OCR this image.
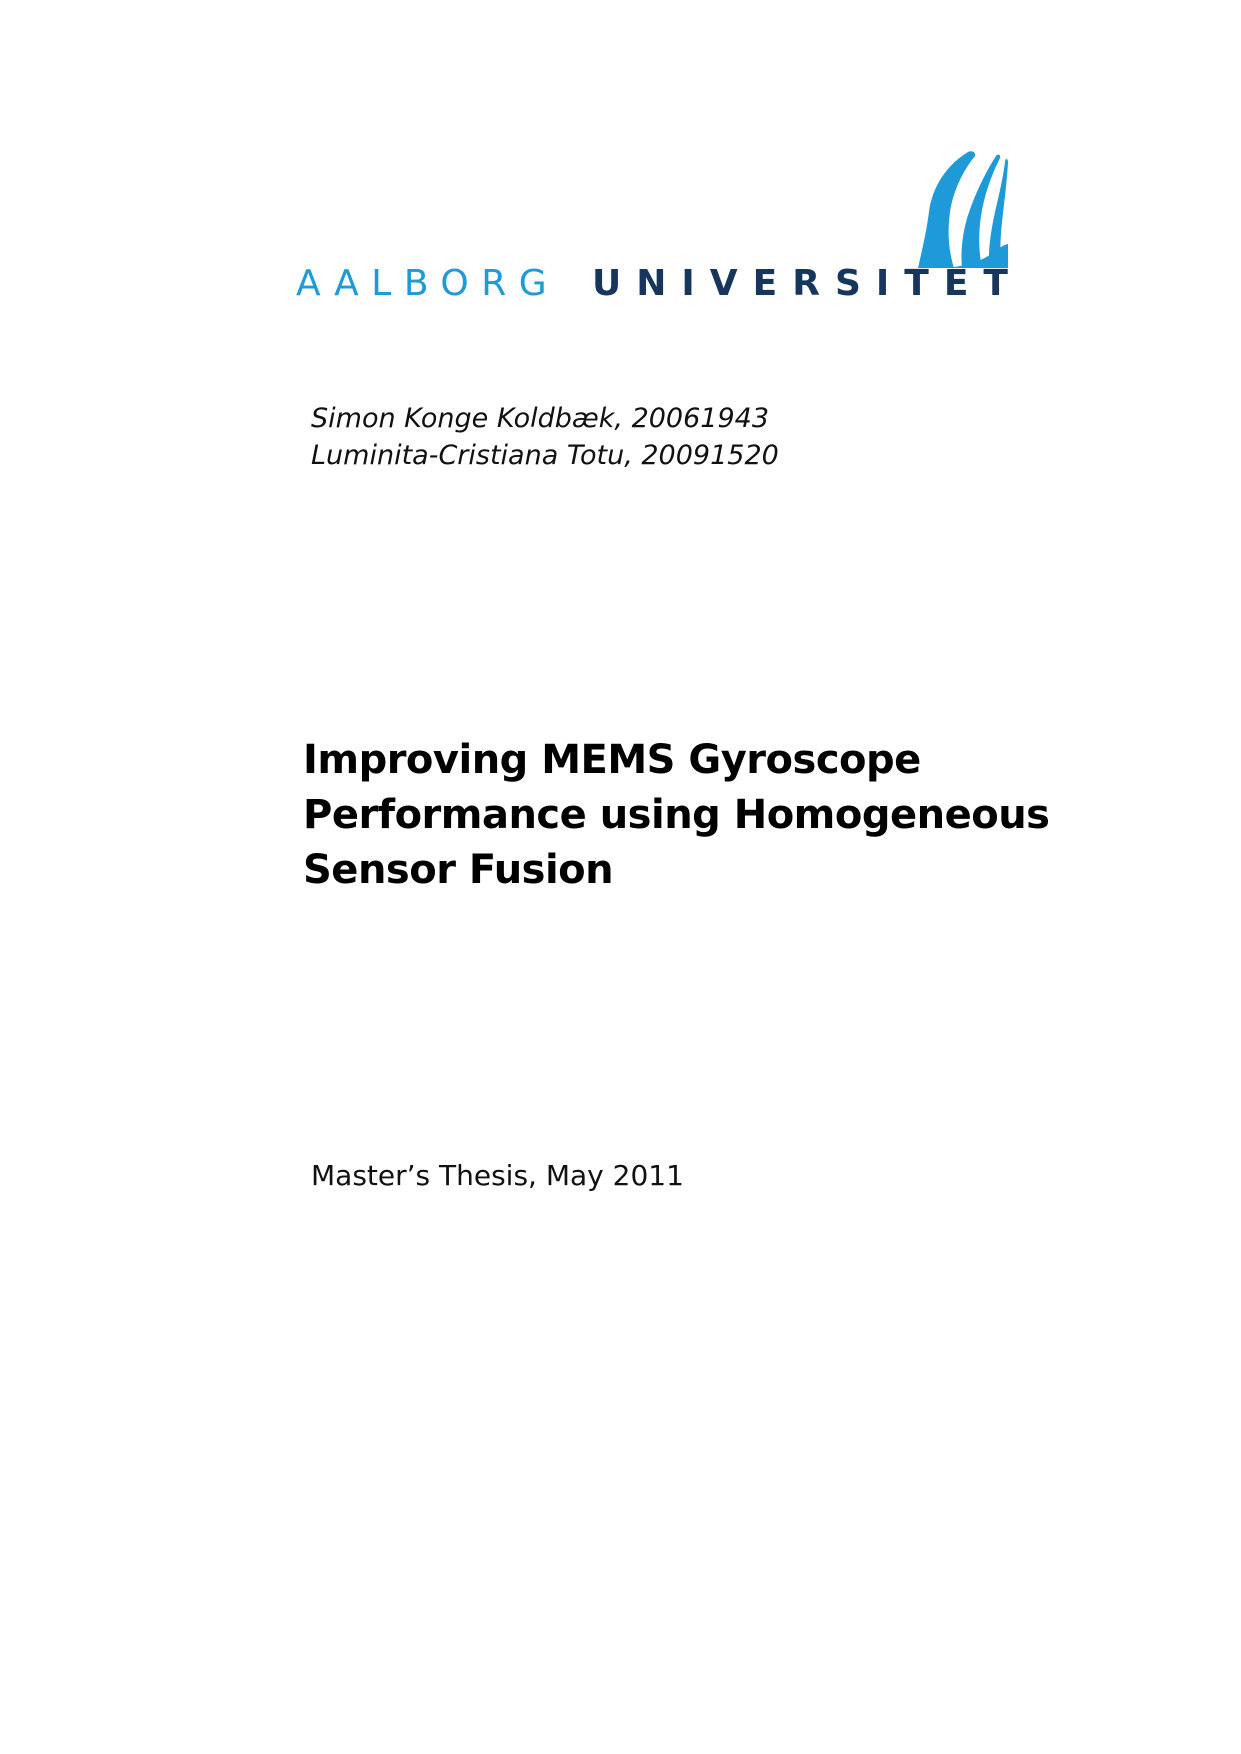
AALBORG UNIVERSITET
Simon Konge Koldbæk, 20061943
Luminita-Cristiana Totu, 20091520
Improving MEMS Gyroscope
Performance using Homogeneous
Sensor Fusion
Master’s Thesis, May 2011
